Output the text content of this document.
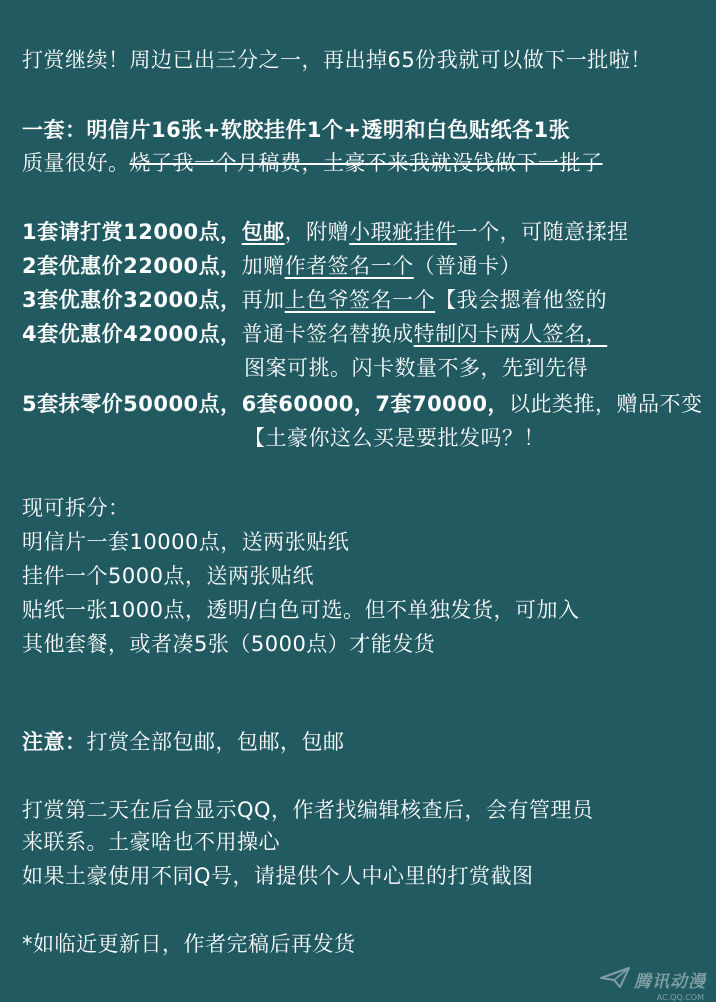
打赏继续！周边已出三分之一，再出掉65份我就可以做下一批啦！
一套：明信片16张+软胶挂件1个+透明和白色贴纸各1张
质量很好。烧了我一个月稿费，土豪不来我就没钱做下一批了
1套请打赏12000点，包邮，附赠小瑕疵挂件一个，可随意揉捏
2套优惠价22000点，加赠作者签名一个（普通卡）
3套优惠价32000点，再加上色爷签名一个【我会摁着他签的
4套优惠价42000点，普通卡签名替换成特制闪卡两人签名，
图案可挑。闪卡数量不多，先到先得
5套抹零价50000点，6套60000，7套70000，以此类推，赠品不变
【土豪你这么买是要批发吗？！
现可拆分：
明信片一套10000点，送两张贴纸
挂件一个5000点，送两张贴纸
贴纸一张1000点，透明/白色可选。但不单独发货，可加入
其他套餐，或者凑5张（5000点）才能发货
注意：打赏全部包邮，包邮，包邮
打赏第二天在后台显示QQ，作者找编辑核查后，会有管理员
来联系。土豪啥也不用操心
如果土豪使用不同Q号，请提供个人中心里的打赏截图
*如临近更新日，作者完稿后再发货
腾讯动漫
AC.QQ.COM
